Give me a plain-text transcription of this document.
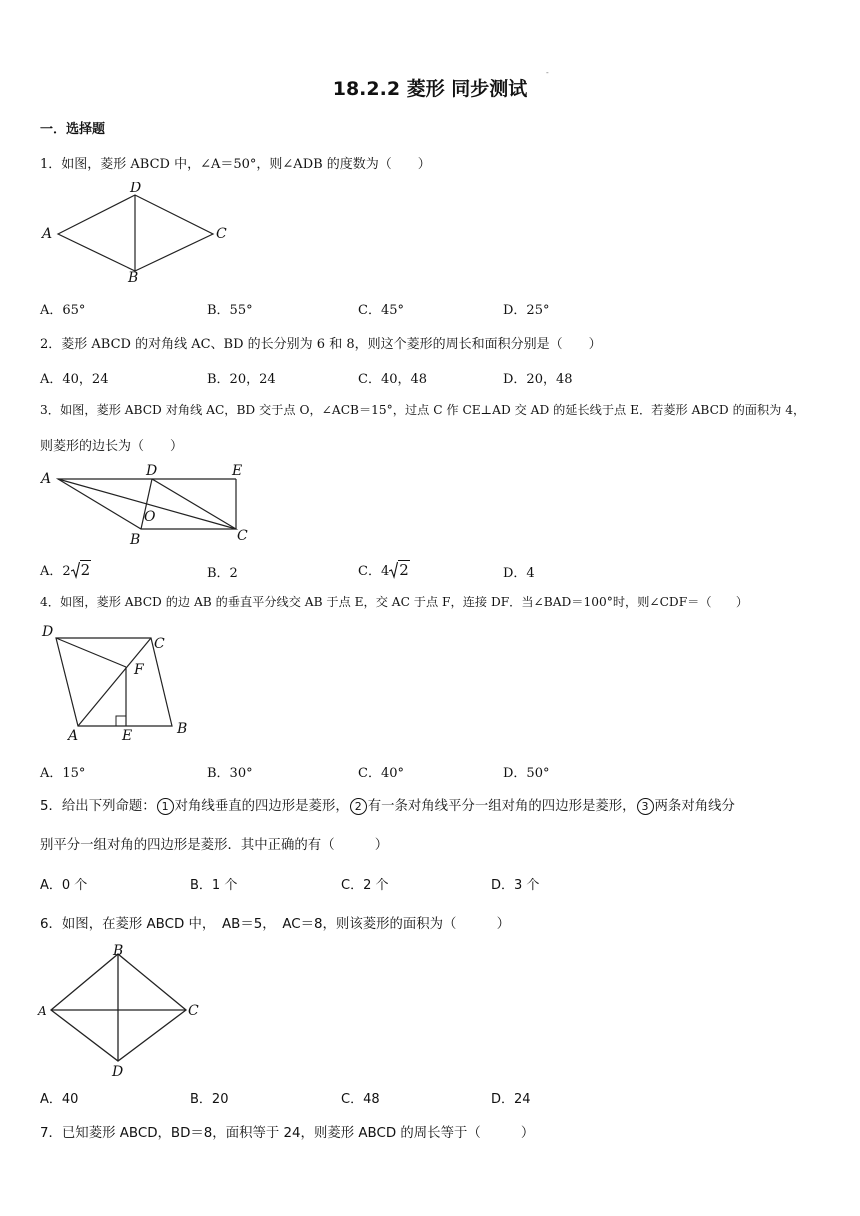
18.2.2 菱形 同步测试
-
一．选择题
1．如图，菱形 ABCD 中，∠A＝50°，则∠ADB 的度数为（　　）
A
D
C
B
A．65°	B．55°	C．45°	D．25°
2．菱形 ABCD 的对角线 AC、BD 的长分别为 6 和 8，则这个菱形的周长和面积分别是（　　）
A．40，24	B．20，24	C．40，48	D．20，48
3．如图，菱形 ABCD 对角线 AC，BD 交于点 O，∠ACB＝15°，过点 C 作 CE⊥AD 交 AD 的延长线于点 E．若菱形 ABCD 的面积为 4，
则菱形的边长为（　　）
A	D	E
O
C
B
A．2 2	B．2	C．4 2	D．4
4．如图，菱形 ABCD 的边 AB 的垂直平分线交 AB 于点 E，交 AC 于点 F，连接 DF．当∠BAD＝100°时，则∠CDF＝（　　）
D
C
F
A	E	B
A．15°	B．30°	C．40°	D．50°
5．给出下列命题： 1 对角线垂直的四边形是菱形， 2 有一条对角线平分一组对角的四边形是菱形， 3 两条对角线分
别平分一组对角的四边形是菱形．其中正确的有（　　　）
A．0 个	B．1 个	C．2 个	D．3 个
6．如图，在菱形 ABCD 中，　AB＝5，　AC＝8，则该菱形的面积为（　　　）
A
B
C
D
A．40	B．20	C．48	D．24
7．已知菱形 ABCD，BD＝8，面积等于 24，则菱形 ABCD 的周长等于（　　　）
